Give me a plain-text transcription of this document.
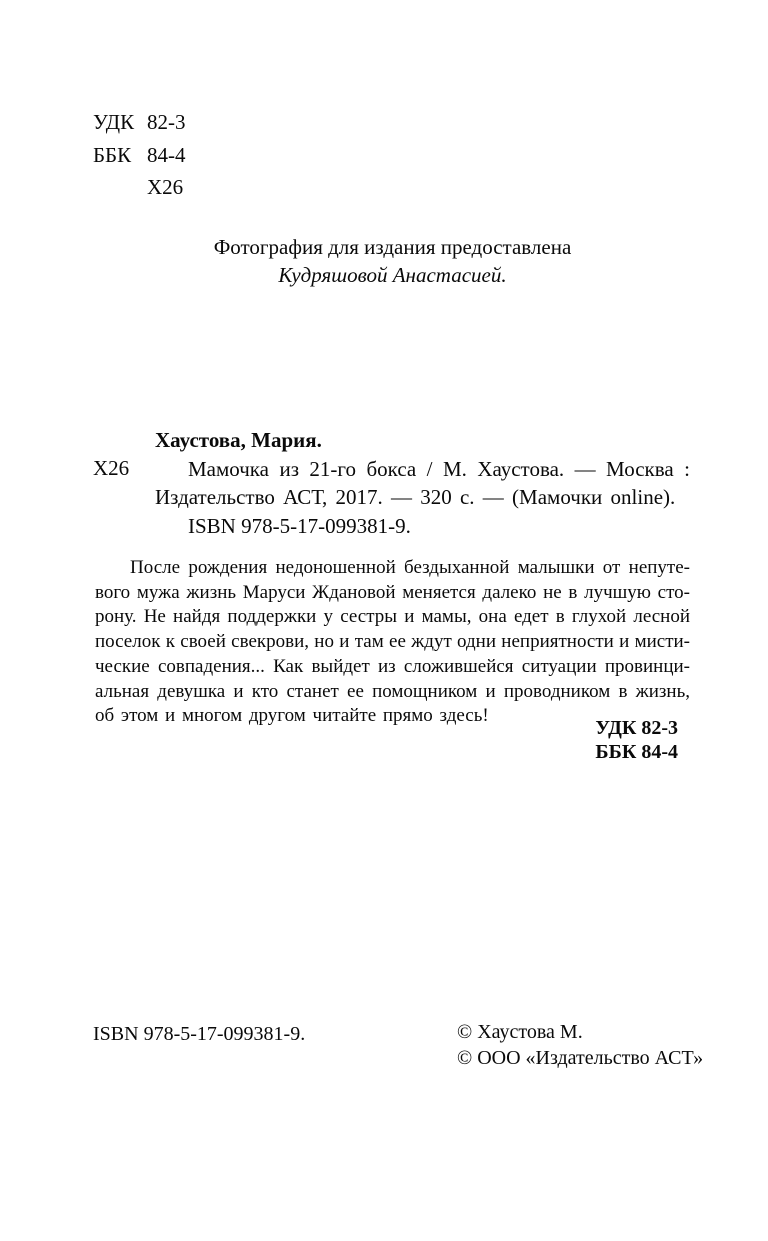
УДК 82-3
ББК 84-4
Х26
Фотография для издания предоставлена
Кудряшовой Анастасией.
Х26
Хаустова, Мария.
Мамочка из 21-го бокса / М. Хаустова. — Москва :
Издательство АСТ, 2017. — 320 с. — (Мамочки online).
ISBN 978-5-17-099381-9.
После рождения недоношенной бездыханной малышки от непуте-
вого мужа жизнь Маруси Ждановой меняется далеко не в лучшую сто-
рону. Не найдя поддержки у сестры и мамы, она едет в глухой лесной
поселок к своей свекрови, но и там ее ждут одни неприятности и мисти-
ческие совпадения... Как выйдет из сложившейся ситуации провинци-
альная девушка и кто станет ее помощником и проводником в жизнь,
об этом и многом другом читайте прямо здесь!
УДК 82-3
ББК 84-4
ISBN 978-5-17-099381-9.	© Хаустова М.
© ООО «Издательство АСТ»
